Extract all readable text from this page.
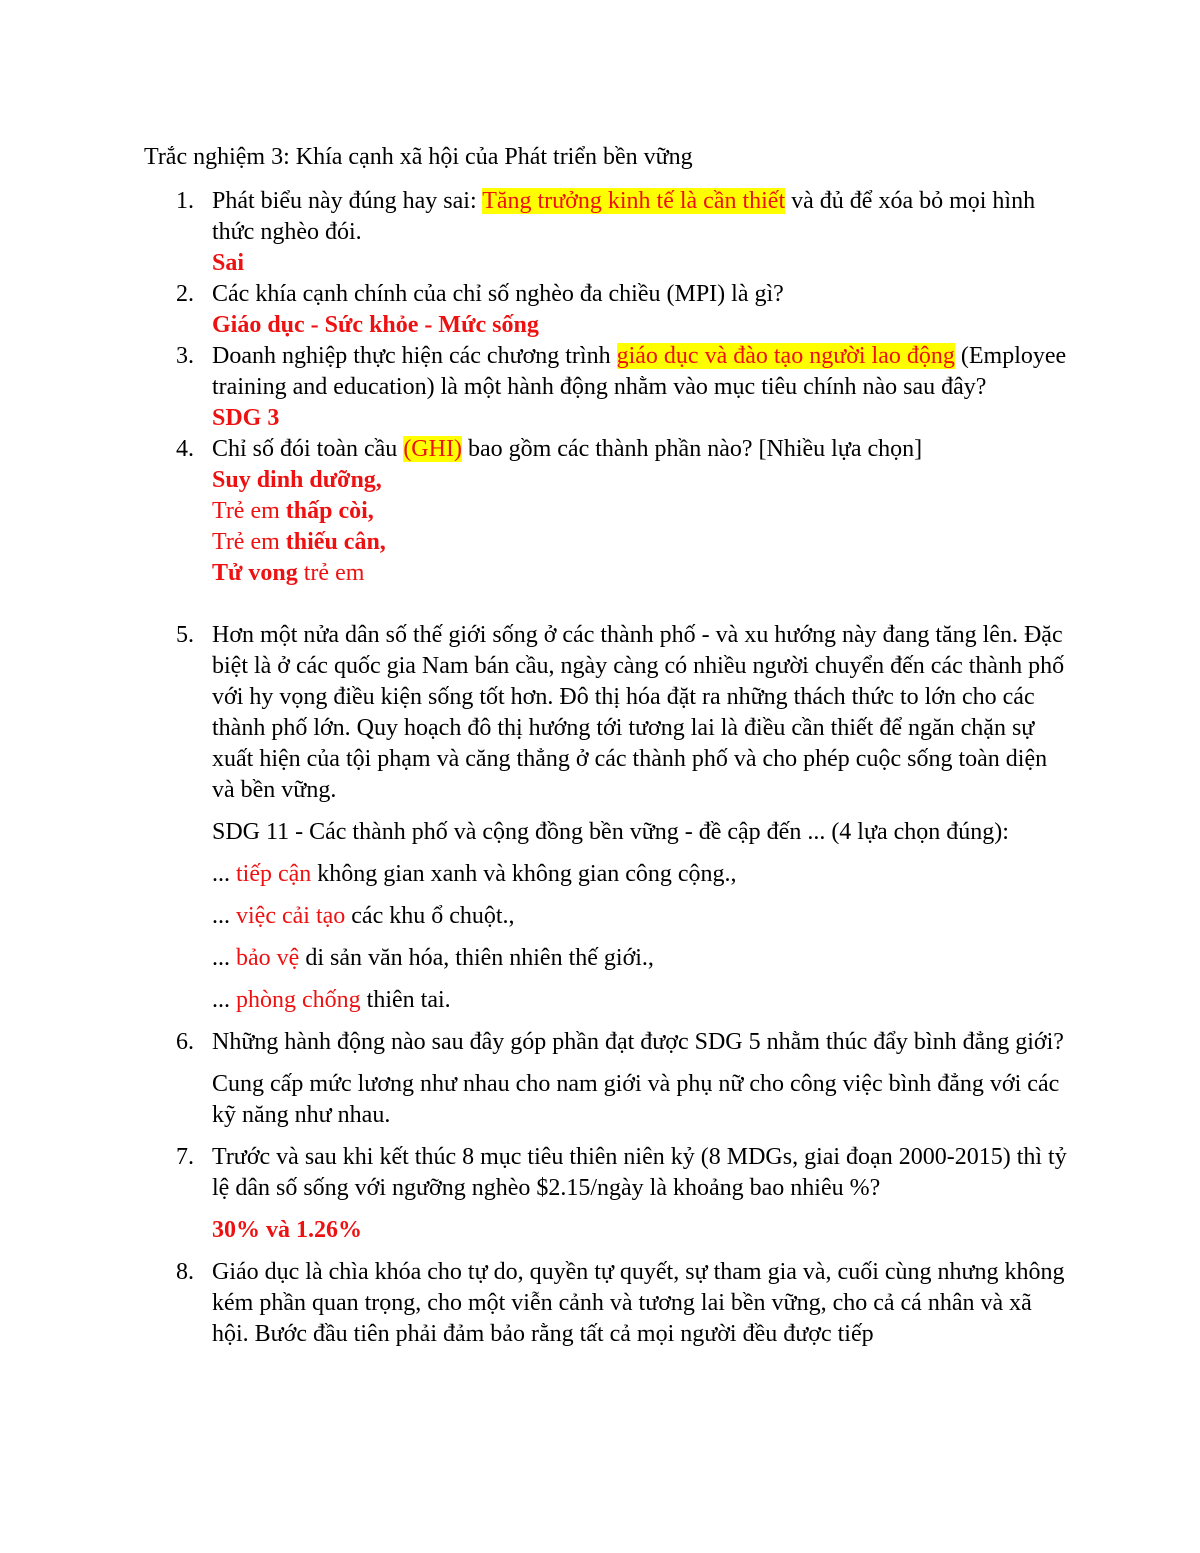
Trắc nghiệm 3: Khía cạnh xã hội của Phát triển bền vững

1. Phát biểu này đúng hay sai: Tăng trưởng kinh tế là cần thiết và đủ để xóa bỏ mọi hình thức nghèo đói.
Sai
2. Các khía cạnh chính của chỉ số nghèo đa chiều (MPI) là gì?
Giáo dục - Sức khỏe - Mức sống
3. Doanh nghiệp thực hiện các chương trình giáo dục và đào tạo người lao động (Employee training and education) là một hành động nhằm vào mục tiêu chính nào sau đây?
SDG 3
4. Chỉ số đói toàn cầu (GHI) bao gồm các thành phần nào? [Nhiều lựa chọn]
Suy dinh dưỡng,
Trẻ em thấp còi,
Trẻ em thiếu cân,
Tử vong trẻ em
5. Hơn một nửa dân số thế giới sống ở các thành phố - và xu hướng này đang tăng lên. Đặc biệt là ở các quốc gia Nam bán cầu, ngày càng có nhiều người chuyển đến các thành phố với hy vọng điều kiện sống tốt hơn. Đô thị hóa đặt ra những thách thức to lớn cho các thành phố lớn. Quy hoạch đô thị hướng tới tương lai là điều cần thiết để ngăn chặn sự xuất hiện của tội phạm và căng thẳng ở các thành phố và cho phép cuộc sống toàn diện và bền vững.

SDG 11 - Các thành phố và cộng đồng bền vững - đề cập đến ... (4 lựa chọn đúng):

... tiếp cận không gian xanh và không gian công cộng.,

... việc cải tạo các khu ổ chuột.,

... bảo vệ di sản văn hóa, thiên nhiên thế giới.,

... phòng chống thiên tai.

6. Những hành động nào sau đây góp phần đạt được SDG 5 nhằm thúc đẩy bình đẳng giới?

Cung cấp mức lương như nhau cho nam giới và phụ nữ cho công việc bình đẳng với các kỹ năng như nhau.

7. Trước và sau khi kết thúc 8 mục tiêu thiên niên kỷ (8 MDGs, giai đoạn 2000-2015) thì tỷ lệ dân số sống với ngưỡng nghèo $2.15/ngày là khoảng bao nhiêu %?

30% và 1.26%

8. Giáo dục là chìa khóa cho tự do, quyền tự quyết, sự tham gia và, cuối cùng nhưng không kém phần quan trọng, cho một viễn cảnh và tương lai bền vững, cho cả cá nhân và xã hội. Bước đầu tiên phải đảm bảo rằng tất cả mọi người đều được tiếp
